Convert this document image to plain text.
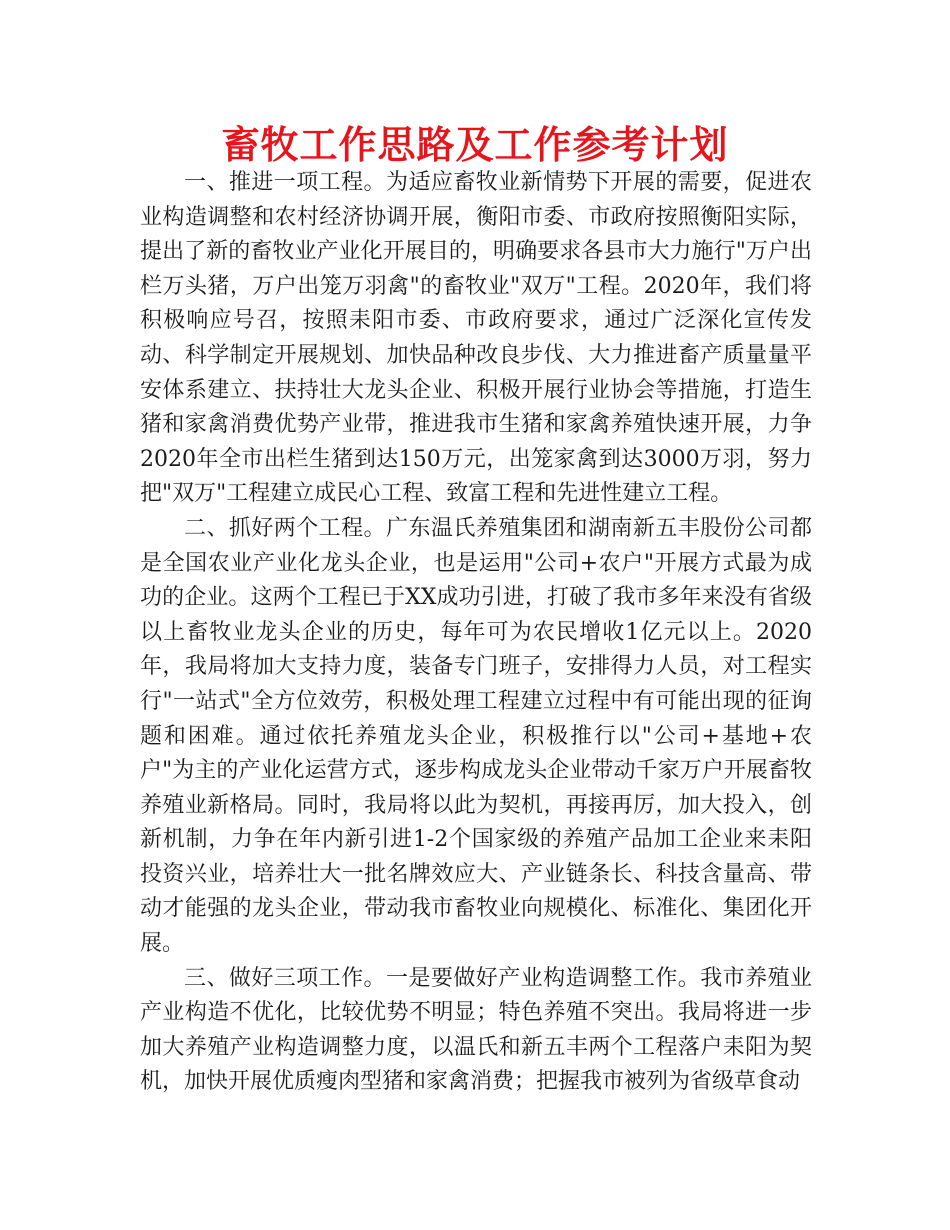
畜牧工作思路及工作参考计划

一、推进一项工程。为适应畜牧业新情势下开展的需要，促进农业构造调整和农村经济协调开展，衡阳市委、市政府按照衡阳实际，提出了新的畜牧业产业化开展目的，明确要求各县市大力施行"万户出栏万头猪，万户出笼万羽禽"的畜牧业"双万"工程。2020年，我们将积极响应号召，按照耒阳市委、市政府要求，通过广泛深化宣传发动、科学制定开展规划、加快品种改良步伐、大力推进畜产质量量平安体系建立、扶持壮大龙头企业、积极开展行业协会等措施，打造生猪和家禽消费优势产业带，推进我市生猪和家禽养殖快速开展，力争2020年全市出栏生猪到达150万元，出笼家禽到达3000万羽，努力把"双万"工程建立成民心工程、致富工程和先进性建立工程。

二、抓好两个工程。广东温氏养殖集团和湖南新五丰股份公司都是全国农业产业化龙头企业，也是运用"公司+农户"开展方式最为成功的企业。这两个工程已于XX成功引进，打破了我市多年来没有省级以上畜牧业龙头企业的历史，每年可为农民增收1亿元以上。2020年，我局将加大支持力度，装备专门班子，安排得力人员，对工程实行"一站式"全方位效劳，积极处理工程建立过程中有可能出现的征询题和困难。通过依托养殖龙头企业，积极推行以"公司+基地+农户"为主的产业化运营方式，逐步构成龙头企业带动千家万户开展畜牧养殖业新格局。同时，我局将以此为契机，再接再厉，加大投入，创新机制，力争在年内新引进1-2个国家级的养殖产品加工企业来耒阳投资兴业，培养壮大一批名牌效应大、产业链条长、科技含量高、带动才能强的龙头企业，带动我市畜牧业向规模化、标准化、集团化开展。

三、做好三项工作。一是要做好产业构造调整工作。我市养殖业产业构造不优化，比较优势不明显；特色养殖不突出。我局将进一步加大养殖产业构造调整力度，以温氏和新五丰两个工程落户耒阳为契机，加快开展优质瘦肉型猪和家禽消费；把握我市被列为省级草食动
